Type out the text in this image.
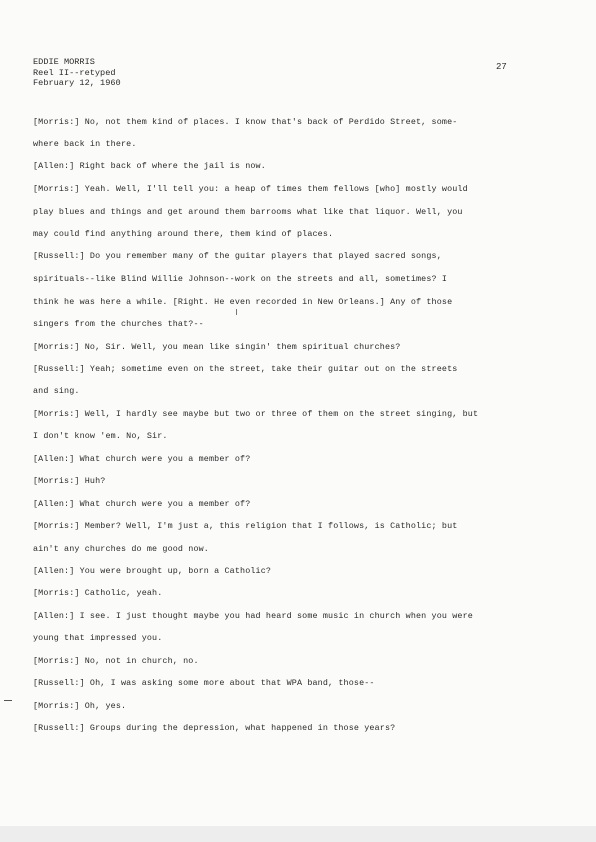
EDDIE MORRIS
Reel II--retyped
February 12, 1960
27
[Morris:] No, not them kind of places. I know that's back of Perdido Street, some-
where back in there.
[Allen:] Right back of where the jail is now.
[Morris:] Yeah. Well, I'll tell you: a heap of times them fellows [who] mostly would
play blues and things and get around them barrooms what like that liquor. Well, you
may could find anything around there, them kind of places.
[Russell:] Do you remember many of the guitar players that played sacred songs,
spirituals--like Blind Willie Johnson--work on the streets and all, sometimes? I
think he was here a while. [Right. He even recorded in New Orleans.] Any of those
singers from the churches that?--
[Morris:] No, Sir. Well, you mean like singin' them spiritual churches?
[Russell:] Yeah; sometime even on the street, take their guitar out on the streets
and sing.
[Morris:] Well, I hardly see maybe but two or three of them on the street singing, but
I don't know 'em. No, Sir.
[Allen:] What church were you a member of?
[Morris:] Huh?
[Allen:] What church were you a member of?
[Morris:] Member? Well, I'm just a, this religion that I follows, is Catholic; but
ain't any churches do me good now.
[Allen:] You were brought up, born a Catholic?
[Morris:] Catholic, yeah.
[Allen:] I see. I just thought maybe you had heard some music in church when you were
young that impressed you.
[Morris:] No, not in church, no.
[Russell:] Oh, I was asking some more about that WPA band, those--
[Morris:] Oh, yes.
[Russell:] Groups during the depression, what happened in those years?
